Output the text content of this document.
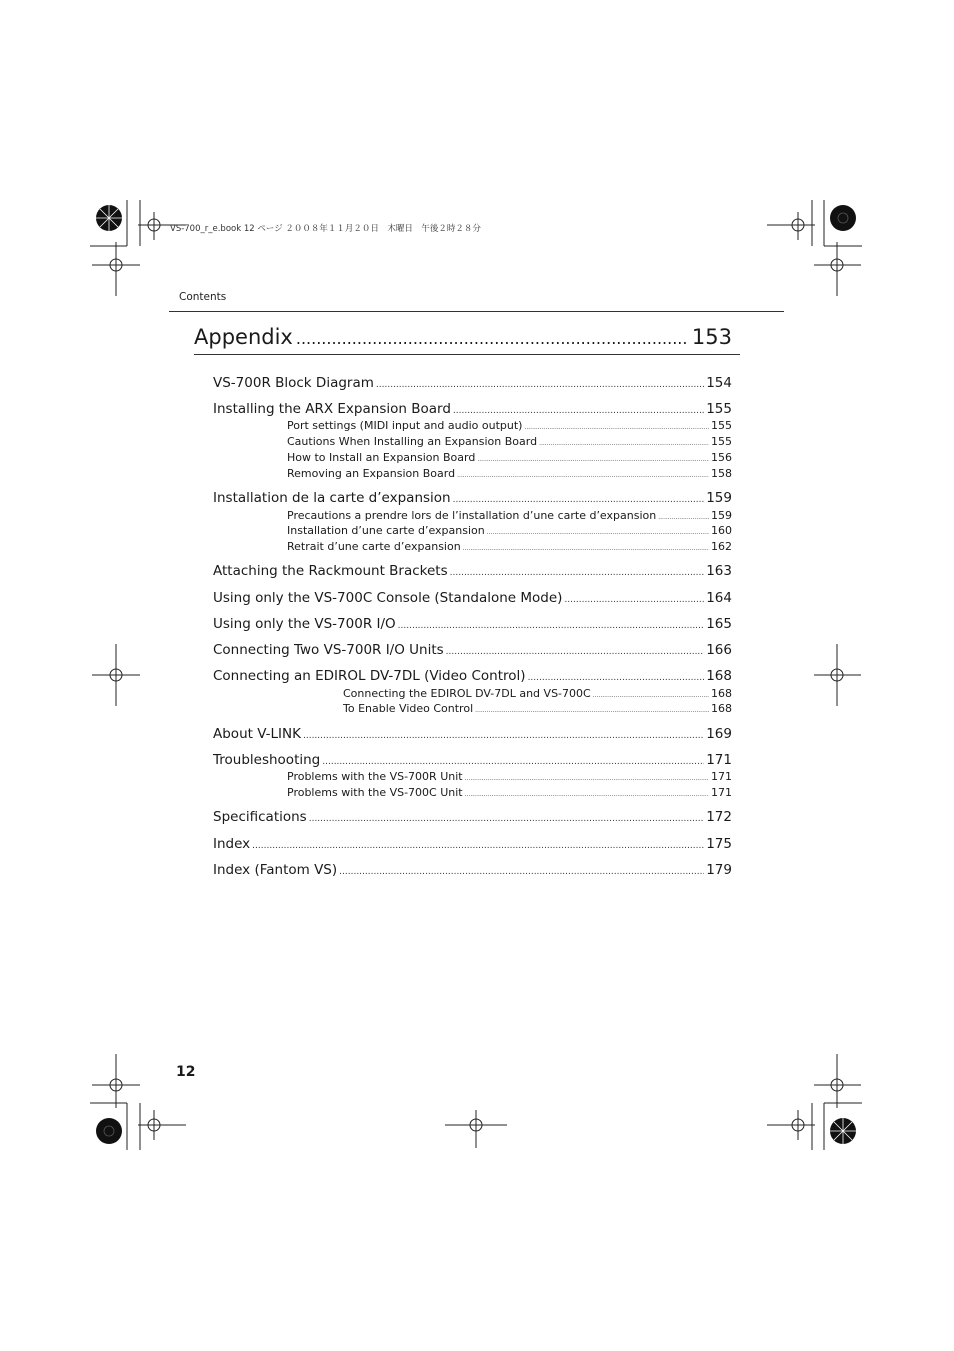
VS-700_r_e.book 12 ページ ２００８年１１月２０日　木曜日　午後２時２８分
Contents
Appendix .....	153
VS-700R Block Diagram .....	154
Installing the ARX Expansion Board .....	155
Port settings (MIDI input and audio output) .....	155
Cautions When Installing an Expansion Board .....	155
How to Install an Expansion Board .....	156
Removing an Expansion Board .....	158
Installation de la carte d’expansion .....	159
Precautions a prendre lors de l’installation d’une carte d’expansion .....	159
Installation d’une carte d’expansion .....	160
Retrait d’une carte d’expansion .....	162
Attaching the Rackmount Brackets .....	163
Using only the VS-700C Console (Standalone Mode) .....	164
Using only the VS-700R I/O .....	165
Connecting Two VS-700R I/O Units .....	166
Connecting an EDIROL DV-7DL (Video Control) .....	168
Connecting the EDIROL DV-7DL and VS-700C .....	168
To Enable Video Control .....	168
About V-LINK .....	169
Troubleshooting .....	171
Problems with the VS-700R Unit .....	171
Problems with the VS-700C Unit .....	171
Specifications .....	172
Index .....	175
Index (Fantom VS) .....	179
12
